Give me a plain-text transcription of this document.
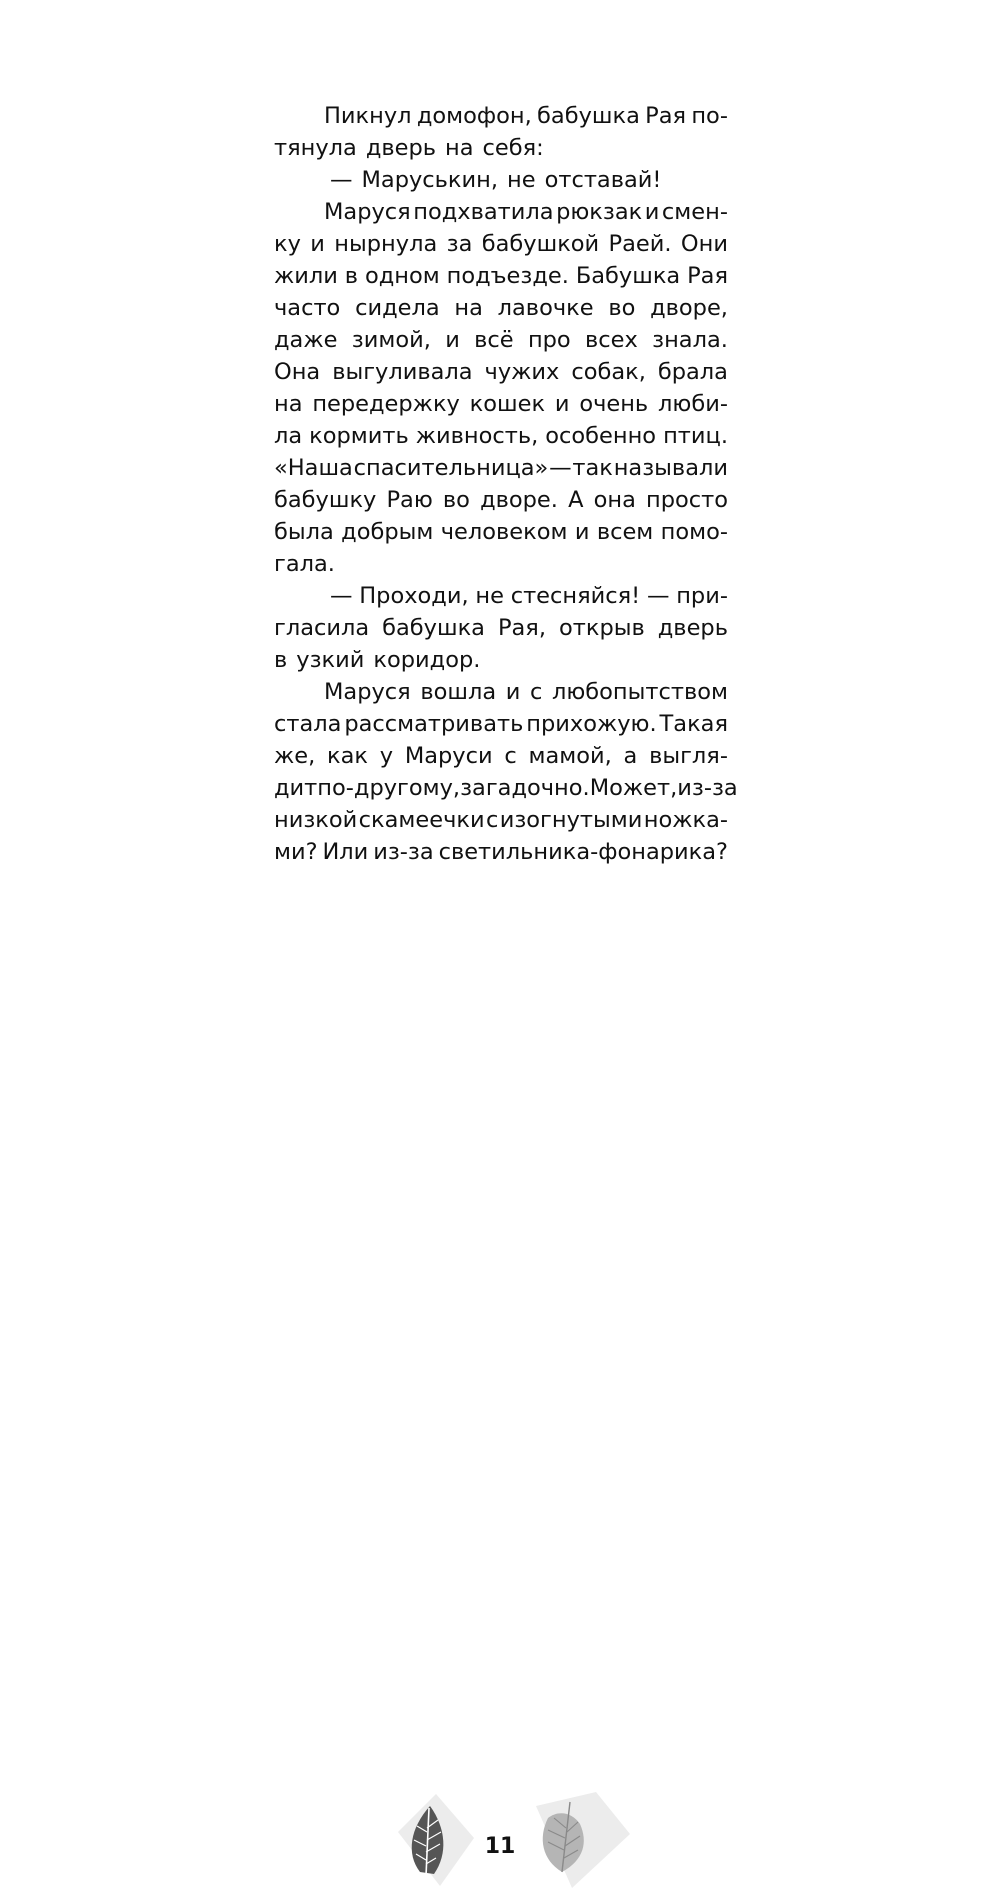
Пикнул домофон, бабушка Рая по-
тянула дверь на себя:
— Маруськин, не отставай!
Маруся подхватила рюкзак и смен-
ку и нырнула за бабушкой Раей. Они
жили в одном подъезде. Бабушка Рая
часто сидела на лавочке во дворе,
даже зимой, и всё про всех знала.
Она выгуливала чужих собак, брала
на передержку кошек и очень люби-
ла кормить живность, особенно птиц.
«Наша спасительница» — так называли
бабушку Раю во дворе. А она просто
была добрым человеком и всем помо-
гала.
— Проходи, не стесняйся! — при-
гласила бабушка Рая, открыв дверь
в узкий коридор.
Маруся вошла и с любопытством
стала рассматривать прихожую. Такая
же, как у Маруси с мамой, а выгля-
дит по-другому, загадочно. Может, из-за
низкой скамеечки с изогнутыми ножка-
ми? Или из-за светильника-фонарика?
11
